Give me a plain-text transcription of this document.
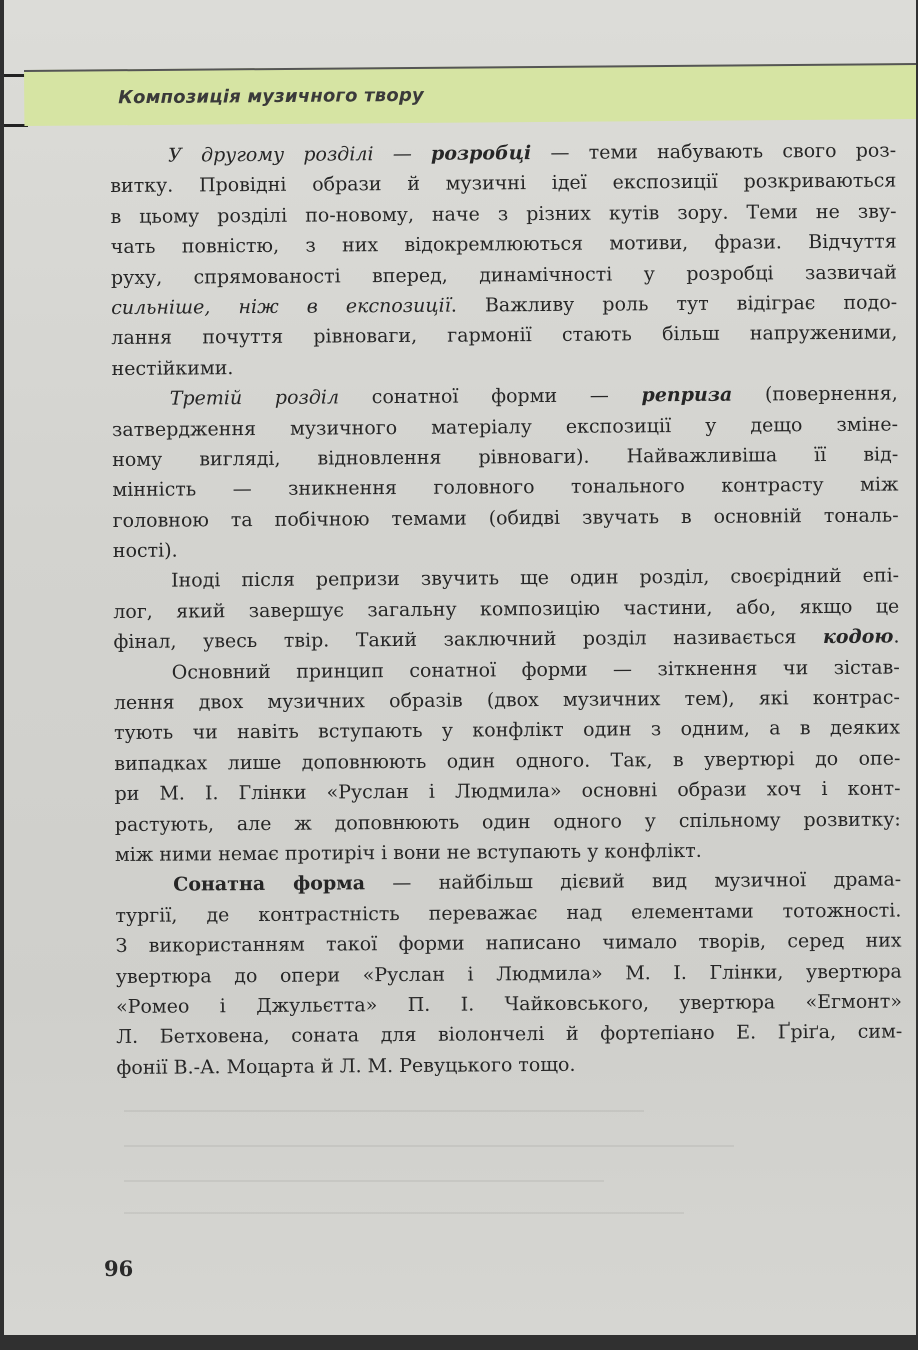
Композиція музичного твору
У другому розділі — розробці — теми набувають свого роз-
витку. Провідні образи й музичні ідеї експозиції розкриваються
в цьому розділі по-новому, наче з різних кутів зору. Теми не зву-
чать повністю, з них відокремлюються мотиви, фрази. Відчуття
руху, спрямованості вперед, динамічності у розробці зазвичай
сильніше, ніж в експозиції. Важливу роль тут відіграє подо-
лання почуття рівноваги, гармонії стають більш напруженими,
нестійкими.
Третій розділ сонатної форми — реприза (повернення,
затвердження музичного матеріалу експозиції у дещо змінe-
ному вигляді, відновлення рівноваги). Найважливіша її від-
мінність — зникнення головного тонального контрасту між
головною та побічною темами (обидві звучать в основній тональ-
ності).
Іноді після репризи звучить ще один розділ, своєрідний епі-
лог, який завершує загальну композицію частини, або, якщо це
фінал, увесь твір. Такий заключний розділ називається кодою.
Основний принцип сонатної форми — зіткнення чи зістав-
лення двох музичних образів (двох музичних тем), які контрас-
тують чи навіть вступають у конфлікт один з одним, а в деяких
випадках лише доповнюють один одного. Так, в увертюрі до опе-
ри М. І. Глінки «Руслан і Людмила» основні образи хоч і конт-
растують, але ж доповнюють один одного у спільному розвитку:
між ними немає протиріч і вони не вступають у конфлікт.
Сонатна форма — найбільш дієвий вид музичної драма-
тургії, де контрастність переважає над елементами тотожності.
З використанням такої форми написано чимало творів, серед них
увертюра до опери «Руслан і Людмила» М. І. Глінки, увертюра
«Ромео і Джульєтта» П. І. Чайковського, увертюра «Егмонт»
Л. Бетховена, соната для віолончелі й фортепіано Е. Ґріґа, сим-
фонії В.-А. Моцарта й Л. М. Ревуцького тощо.
96
